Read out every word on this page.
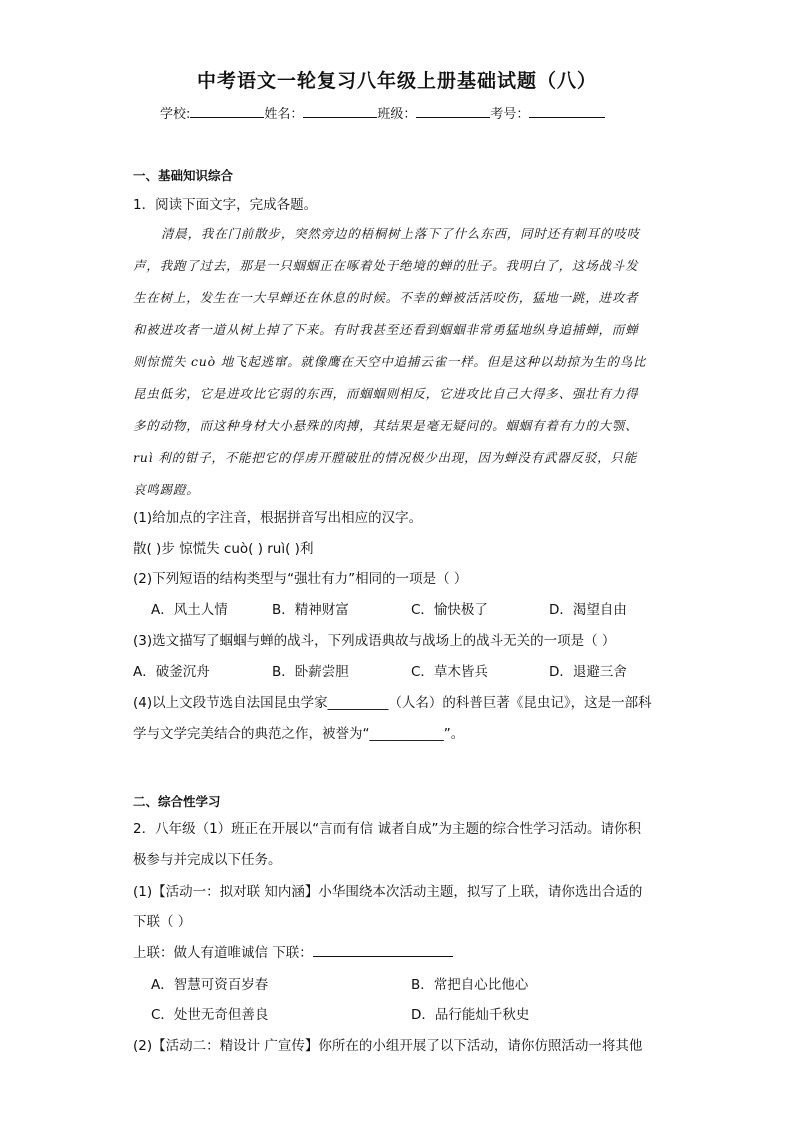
中考语文一轮复习八年级上册基础试题（八）
学校:	姓名：	班级：	考号：
一、基础知识综合
1．阅读下面文字，完成各题。
清晨，我在门前散步，突然旁边的梧桐树上落下了什么东西，同时还有刺耳的吱吱
声，我跑了过去，那是一只蝈蝈正在啄着处于绝境的蝉的肚子。我明白了，这场战斗发
生在树上，发生在一大早蝉还在休息的时候。不幸的蝉被活活咬伤，猛地一跳，进攻者
和被进攻者一道从树上掉了下来。有时我甚至还看到蝈蝈非常勇猛地纵身追捕蝉，而蝉
则惊慌失 cuò 地飞起逃窜。就像鹰在天空中追捕云雀一样。但是这种以劫掠为生的鸟比
昆虫低劣，它是进攻比它弱的东西，而蝈蝈则相反，它进攻比自己大得多、强壮有力得
多的动物，而这种身材大小悬殊的肉搏，其结果是毫无疑问的。蝈蝈有着有力的大颚、
ruì 利的钳子，不能把它的俘虏开膛破肚的情况极少出现，因为蝉没有武器反驳，只能
哀鸣踢蹬。
(1)给加点的字注音，根据拼音写出相应的汉字。
散( )步 惊慌失 cuò( ) ruì( )利
(2)下列短语的结构类型与“强壮有力”相同的一项是（ ）
A．风土人情	B．精神财富	C．愉快极了	D．渴望自由
(3)选文描写了蝈蝈与蝉的战斗，下列成语典故与战场上的战斗无关的一项是（ ）
A．破釜沉舟	B．卧薪尝胆	C．草木皆兵	D．退避三舍
(4)以上文段节选自法国昆虫学家_________（人名）的科普巨著《昆虫记》，这是一部科
学与文学完美结合的典范之作，被誉为“___________”。
二、综合性学习
2．八年级（1）班正在开展以“言而有信 诚者自成”为主题的综合性学习活动。请你积
极参与并完成以下任务。
(1)【活动一：拟对联 知内涵】小华围绕本次活动主题，拟写了上联，请你选出合适的
下联（ ）
上联：做人有道唯诚信 下联：
A．智慧可资百岁春	B．常把自心比他心
C．处世无奇但善良	D．品行能灿千秋史
(2)【活动二：精设计 广宣传】你所在的小组开展了以下活动，请你仿照活动一将其他
